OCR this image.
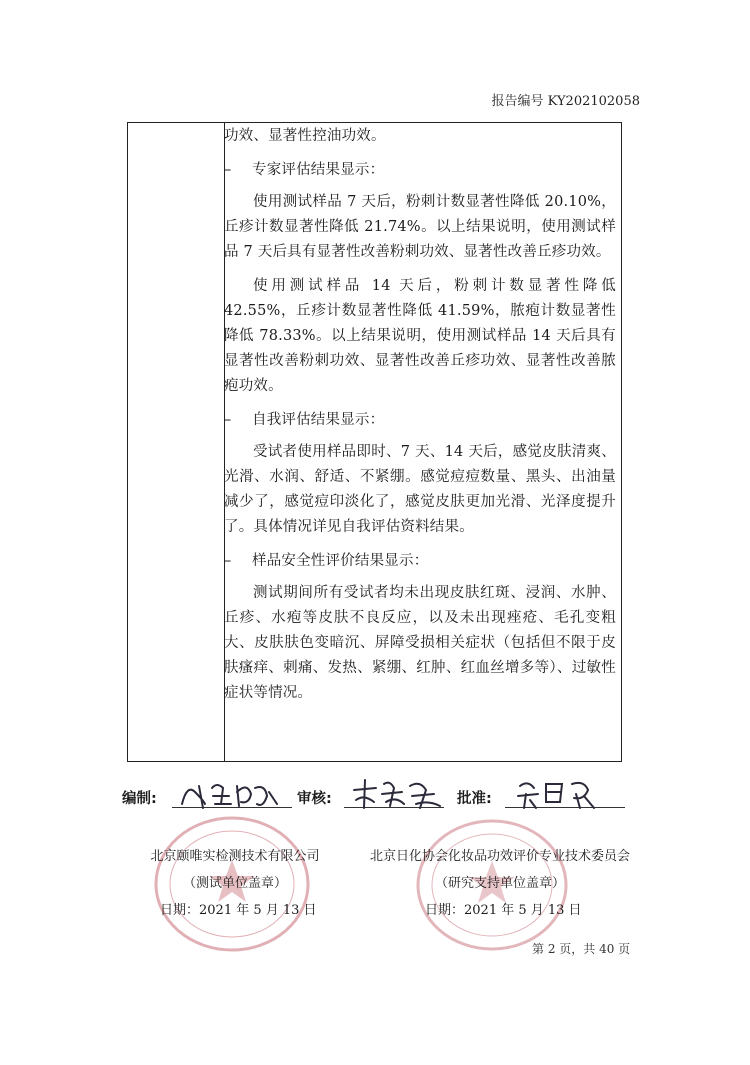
报告编号 KY202102058

功效、显著性控油功效。

– 专家评估结果显示：

使用测试样品 7 天后，粉刺计数显著性降低 20.10%，丘疹计数显著性降低 21.74%。以上结果说明，使用测试样品 7 天后具有显著性改善粉刺功效、显著性改善丘疹功效。

使用测试样品 14 天后，粉刺计数显著性降低 42.55%，丘疹计数显著性降低 41.59%，脓疱计数显著性降低 78.33%。以上结果说明，使用测试样品 14 天后具有显著性改善粉刺功效、显著性改善丘疹功效、显著性改善脓疱功效。

– 自我评估结果显示：

受试者使用样品即时、7 天、14 天后，感觉皮肤清爽、光滑、水润、舒适、不紧绷。感觉痘痘数量、黑头、出油量减少了，感觉痘印淡化了，感觉皮肤更加光滑、光泽度提升了。具体情况详见自我评估资料结果。

– 样品安全性评价结果显示：

测试期间所有受试者均未出现皮肤红斑、浸润、水肿、丘疹、水疱等皮肤不良反应，以及未出现痤疮、毛孔变粗大、皮肤肤色变暗沉、屏障受损相关症状（包括但不限于皮肤瘙痒、刺痛、发热、紧绷、红肿、红血丝增多等）、过敏性症状等情况。

编制:	审核:	批准:
北京颐唯实检测技术有限公司
（测试单位盖章）
日期：2021 年 5 月 13 日
北京日化协会化妆品功效评价专业技术委员会
（研究支持单位盖章）
日期：2021 年 5 月 13 日
第 2 页，共 40 页
